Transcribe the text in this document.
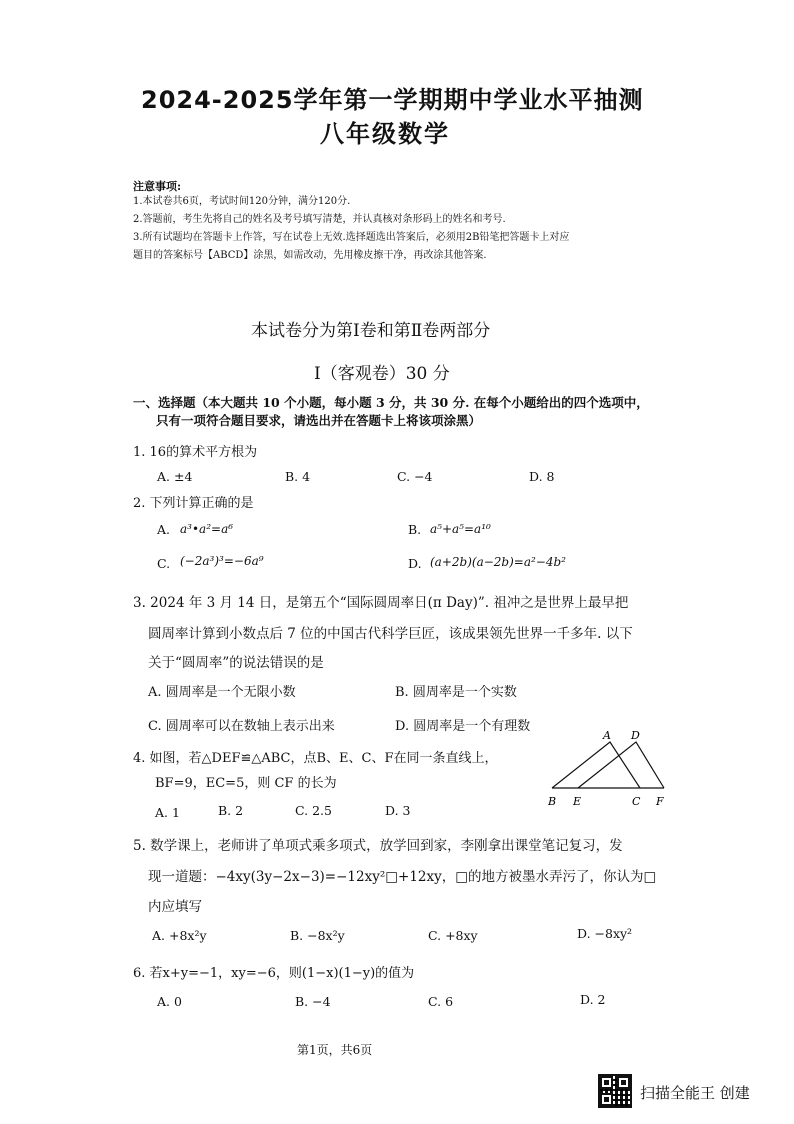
2024-2025学年第一学期期中学业水平抽测
八年级数学
注意事项:
1.本试卷共6页，考试时间120分钟，满分120分.
2.答题前，考生先将自己的姓名及考号填写清楚，并认真核对条形码上的姓名和考号.
3.所有试题均在答题卡上作答，写在试卷上无效.选择题选出答案后，必须用2B铅笔把答题卡上对应
题目的答案标号【ABCD】涂黑，如需改动，先用橡皮擦干净，再改涂其他答案.
本试卷分为第Ⅰ卷和第Ⅱ卷两部分
Ⅰ（客观卷）30 分
一、选择题（本大题共 10 个小题，每小题 3 分，共 30 分. 在每个小题给出的四个选项中，
只有一项符合题目要求，请选出并在答题卡上将该项涂黑）
1. 16的算术平方根为
A. ±4	B. 4	C. −4	D. 8
2. 下列计算正确的是
A. a³•a²=a⁶	B. a⁵+a⁵=a¹⁰
C. (−2a³)³=−6a⁹	D. (a+2b)(a−2b)=a²−4b²
3. 2024 年 3 月 14 日，是第五个“国际圆周率日(π Day)”. 祖冲之是世界上最早把
圆周率计算到小数点后 7 位的中国古代科学巨匠，该成果领先世界一千多年. 以下
关于“圆周率”的说法错误的是
A. 圆周率是一个无限小数	B. 圆周率是一个实数
C. 圆周率可以在数轴上表示出来	D. 圆周率是一个有理数
4. 如图，若△DEF≌△ABC，点B、E、C、F在同一条直线上，
BF=9，EC=5，则 CF 的长为
A. 1	B. 2	C. 2.5	D. 3
A D
B E	C F
5. 数学课上，老师讲了单项式乘多项式，放学回到家，李刚拿出课堂笔记复习，发
现一道题：−4xy(3y−2x−3)=−12xy²□+12xy，□的地方被墨水弄污了，你认为□
内应填写
A. +8x²y	B. −8x²y	C. +8xy	D. −8xy²
6. 若x+y=−1，xy=−6，则(1−x)(1−y)的值为
A. 0	B. −4	C. 6	D. 2
第1页，共6页
扫描全能王 创建
